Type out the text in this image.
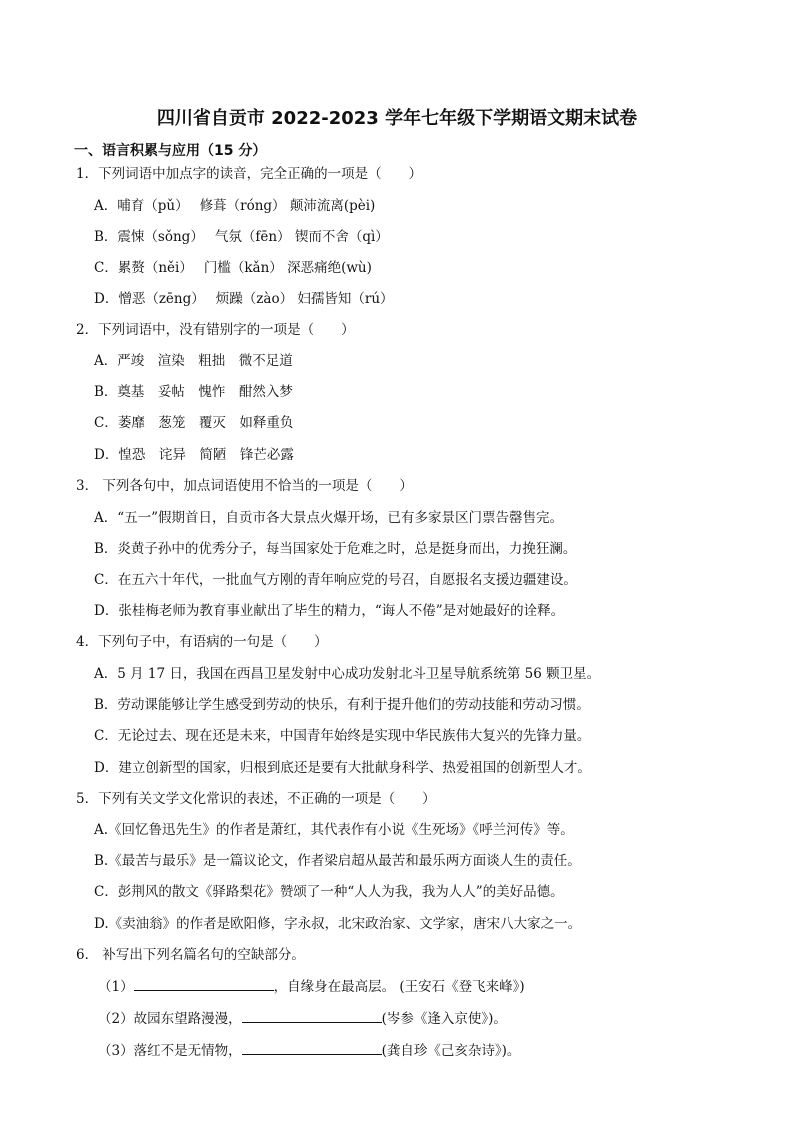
四川省自贡市 2022-2023 学年七年级下学期语文期末试卷
一、语言积累与应用（15 分）
1．下列词语中加点字的读音，完全正确的一项是（　　）
A．哺育（pǔ）　 修葺（róng） 颠沛流离(pèi)
B．震悚（sǒng）　 气氛（fēn） 锲而不舍（qì）
C．累赘（něi）　 门槛（kǎn） 深恶痛绝(wù)
D．憎恶（zēng）　 烦躁（zào） 妇孺皆知（rú）
2．下列词语中，没有错别字的一项是（　　）
A．严竣　渲染　粗拙　微不足道
B．奠基　妥帖　愧怍　酣然入梦
C．萎靡　葱笼　覆灭　如释重负
D．惶恐　诧异　简陋　锋芒必露
3． 下列各句中，加点词语使用不恰当的一项是（　　）
A．“五一”假期首日，自贡市各大景点火爆开场，已有多家景区门票告罄售完。
B．炎黄子孙中的优秀分子，每当国家处于危难之时，总是挺身而出，力挽狂澜。
C．在五六十年代，一批血气方刚的青年响应党的号召，自愿报名支援边疆建设。
D．张桂梅老师为教育事业献出了毕生的精力，“诲人不倦”是对她最好的诠释。
4．下列句子中，有语病的一句是（　　）
A．5 月 17 日，我国在西昌卫星发射中心成功发射北斗卫星导航系统第 56 颗卫星。
B．劳动课能够让学生感受到劳动的快乐，有利于提升他们的劳动技能和劳动习惯。
C．无论过去、现在还是未来，中国青年始终是实现中华民族伟大复兴的先锋力量。
D．建立创新型的国家，归根到底还是要有大批献身科学、热爱祖国的创新型人才。
5．下列有关文学文化常识的表述，不正确的一项是（　　）
A.《回忆鲁迅先生》的作者是萧红，其代表作有小说《生死场》《呼兰河传》等。
B.《最苦与最乐》是一篇议论文，作者梁启超从最苦和最乐两方面谈人生的责任。
C．彭荆风的散文《驿路梨花》赞颂了一种“人人为我，我为人人”的美好品德。
D.《卖油翁》的作者是欧阳修，字永叔，北宋政治家、文学家，唐宋八大家之一。
6． 补写出下列名篇名句的空缺部分。
（1）	，自缘身在最高层。 (王安石《登飞来峰》)
（2）故园东望路漫漫，	(岑参《逢入京使》)。
（3）落红不是无情物，	(龚自珍《己亥杂诗》)。
